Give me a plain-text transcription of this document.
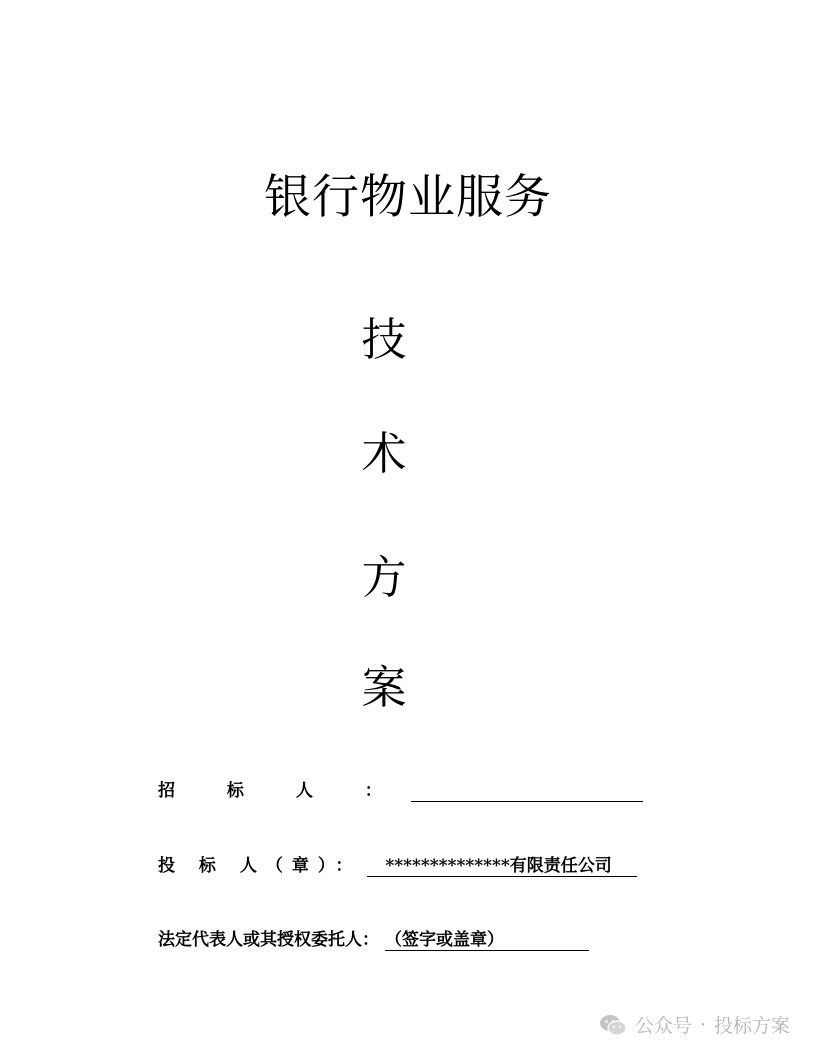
银行物业服务
技
术
方
案
招 标 人 ：
投 标 人（章）：	**************有限责任公司
法定代表人或其授权委托人： （签字或盖章）
公众号 · 投标方案
